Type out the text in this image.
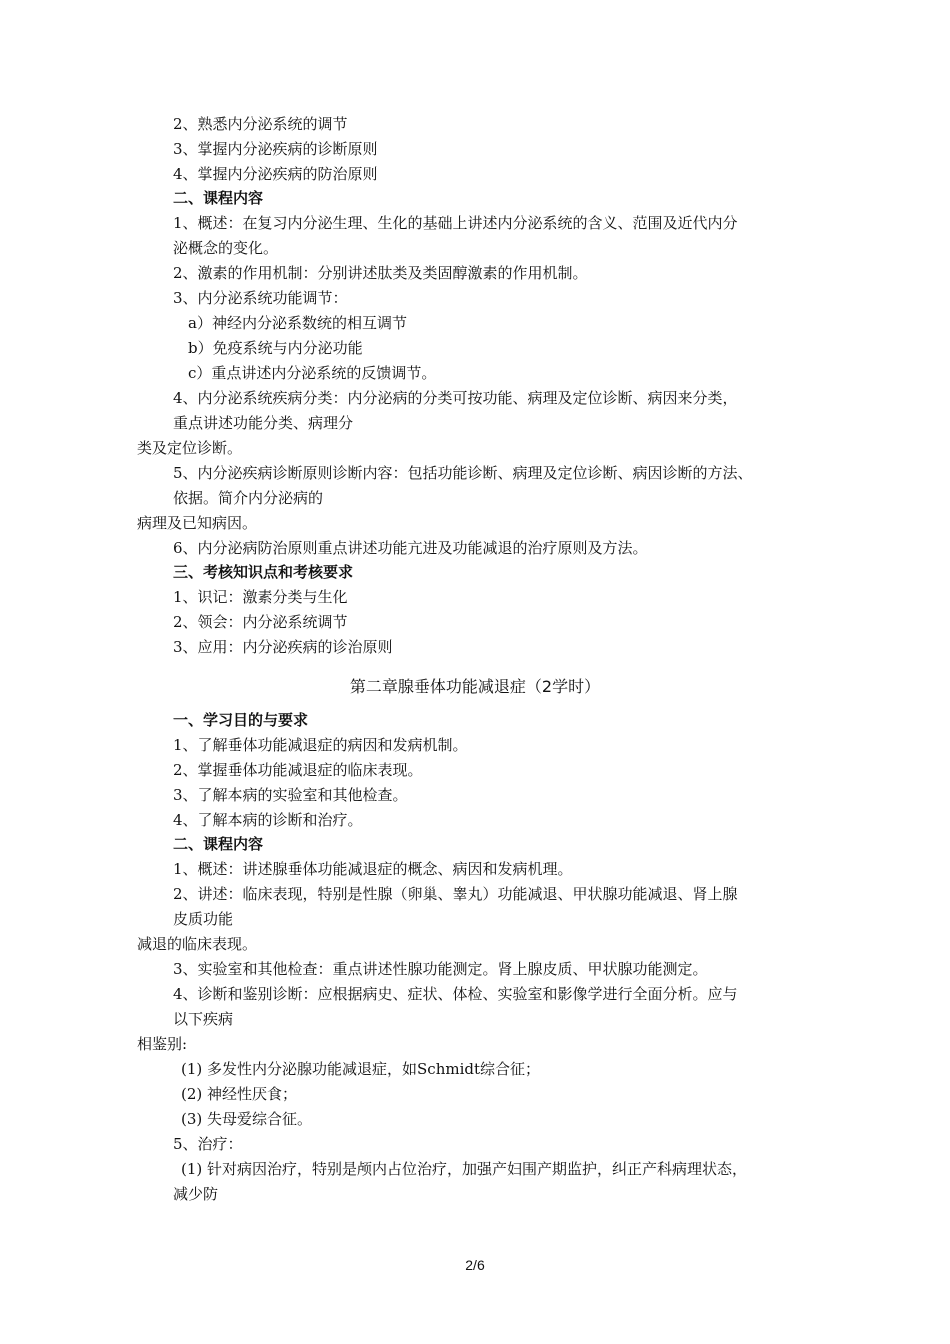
2、熟悉内分泌系统的调节
3、掌握内分泌疾病的诊断原则
4、掌握内分泌疾病的防治原则
二、课程内容
1、概述：在复习内分泌生理、生化的基础上讲述内分泌系统的含义、范围及近代内分
泌概念的变化。
2、激素的作用机制：分别讲述肽类及类固醇激素的作用机制。
3、内分泌系统功能调节：
a）神经内分泌系数统的相互调节
b）免疫系统与内分泌功能
c）重点讲述内分泌系统的反馈调节。
4、内分泌系统疾病分类：内分泌病的分类可按功能、病理及定位诊断、病因来分类，
重点讲述功能分类、病理分
类及定位诊断。
5、内分泌疾病诊断原则诊断内容：包括功能诊断、病理及定位诊断、病因诊断的方法、
依据。简介内分泌病的
病理及已知病因。
6、内分泌病防治原则重点讲述功能亢进及功能减退的治疗原则及方法。
三、考核知识点和考核要求
1、识记：激素分类与生化
2、领会：内分泌系统调节
3、应用：内分泌疾病的诊治原则
第二章腺垂体功能减退症（2学时）
一、学习目的与要求
1、了解垂体功能减退症的病因和发病机制。
2、掌握垂体功能减退症的临床表现。
3、了解本病的实验室和其他检查。
4、了解本病的诊断和治疗。
二、课程内容
1、概述：讲述腺垂体功能减退症的概念、病因和发病机理。
2、讲述：临床表现，特别是性腺（卵巢、睾丸）功能减退、甲状腺功能减退、肾上腺
皮质功能
减退的临床表现。
3、实验室和其他检查：重点讲述性腺功能测定。肾上腺皮质、甲状腺功能测定。
4、诊断和鉴别诊断：应根据病史、症状、体检、实验室和影像学进行全面分析。应与
以下疾病
相鉴别:
(1) 多发性内分泌腺功能减退症，如Schmidt综合征；
(2) 神经性厌食；
(3) 失母爱综合征。
5、治疗：
(1) 针对病因治疗，特别是颅内占位治疗，加强产妇围产期监护，纠正产科病理状态，
减少防
2/6
